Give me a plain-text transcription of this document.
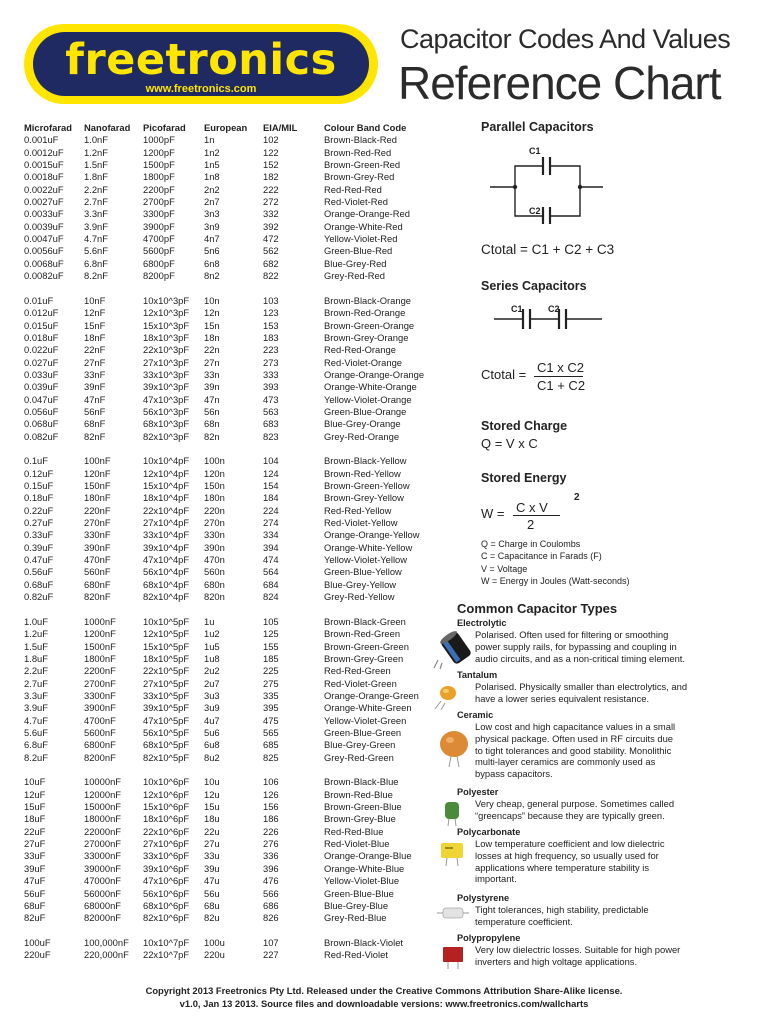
freetronics
www.freetronics.com
Capacitor Codes And Values
Reference Chart
Microfarad Nanofarad Picofarad European EIA/MIL	Colour Band Code
0.001uF	1.0nF	1000pF	1n	102	Brown-Black-Red
0.0012uF 1.2nF	1200pF	1n2	122	Brown-Red-Red
0.0015uF 1.5nF	1500pF	1n5	152	Brown-Green-Red
0.0018uF 1.8nF	1800pF	1n8	182	Brown-Grey-Red
0.0022uF 2.2nF	2200pF	2n2	222	Red-Red-Red
0.0027uF 2.7nF	2700pF	2n7	272	Red-Violet-Red
0.0033uF 3.3nF	3300pF	3n3	332	Orange-Orange-Red
0.0039uF 3.9nF	3900pF	3n9	392	Orange-White-Red
0.0047uF 4.7nF	4700pF	4n7	472	Yellow-Violet-Red
0.0056uF 5.6nF	5600pF	5n6	562	Green-Blue-Red
0.0068uF 6.8nF	6800pF	6n8	682	Blue-Grey-Red
0.0082uF 8.2nF	8200pF	8n2	822	Grey-Red-Red
0.01uF	10nF	10x10^3pF 10n	103	Brown-Black-Orange
0.012uF	12nF	12x10^3pF 12n	123	Brown-Red-Orange
0.015uF	15nF	15x10^3pF 15n	153	Brown-Green-Orange
0.018uF	18nF	18x10^3pF 18n	183	Brown-Grey-Orange
0.022uF	22nF	22x10^3pF 22n	223	Red-Red-Orange
0.027uF	27nF	27x10^3pF 27n	273	Red-Violet-Orange
0.033uF	33nF	33x10^3pF 33n	333	Orange-Orange-Orange
0.039uF	39nF	39x10^3pF 39n	393	Orange-White-Orange
0.047uF	47nF	47x10^3pF 47n	473	Yellow-Violet-Orange
0.056uF	56nF	56x10^3pF 56n	563	Green-Blue-Orange
0.068uF	68nF	68x10^3pF 68n	683	Blue-Grey-Orange
0.082uF	82nF	82x10^3pF 82n	823	Grey-Red-Orange
0.1uF	100nF	10x10^4pF 100n	104	Brown-Black-Yellow
0.12uF	120nF	12x10^4pF 120n	124	Brown-Red-Yellow
0.15uF	150nF	15x10^4pF 150n	154	Brown-Green-Yellow
0.18uF	180nF	18x10^4pF 180n	184	Brown-Grey-Yellow
0.22uF	220nF	22x10^4pF 220n	224	Red-Red-Yellow
0.27uF	270nF	27x10^4pF 270n	274	Red-Violet-Yellow
0.33uF	330nF	33x10^4pF 330n	334	Orange-Orange-Yellow
0.39uF	390nF	39x10^4pF 390n	394	Orange-White-Yellow
0.47uF	470nF	47x10^4pF 470n	474	Yellow-Violet-Yellow
0.56uF	560nF	56x10^4pF 560n	564	Green-Blue-Yellow
0.68uF	680nF	68x10^4pF 680n	684	Blue-Grey-Yellow
0.82uF	820nF	82x10^4pF 820n	824	Grey-Red-Yellow
1.0uF	1000nF	10x10^5pF 1u	105	Brown-Black-Green
1.2uF	1200nF	12x10^5pF 1u2	125	Brown-Red-Green
1.5uF	1500nF	15x10^5pF 1u5	155	Brown-Green-Green
1.8uF	1800nF	18x10^5pF 1u8	185	Brown-Grey-Green
2.2uF	2200nF	22x10^5pF 2u2	225	Red-Red-Green
2.7uF	2700nF	27x10^5pF 2u7	275	Red-Violet-Green
3.3uF	3300nF	33x10^5pF 3u3	335	Orange-Orange-Green
3.9uF	3900nF	39x10^5pF 3u9	395	Orange-White-Green
4.7uF	4700nF	47x10^5pF 4u7	475	Yellow-Violet-Green
5.6uF	5600nF	56x10^5pF 5u6	565	Green-Blue-Green
6.8uF	6800nF	68x10^5pF 6u8	685	Blue-Grey-Green
8.2uF	8200nF	82x10^5pF 8u2	825	Grey-Red-Green
10uF	10000nF 10x10^6pF 10u	106	Brown-Black-Blue
12uF	12000nF 12x10^6pF 12u	126	Brown-Red-Blue
15uF	15000nF 15x10^6pF 15u	156	Brown-Green-Blue
18uF	18000nF 18x10^6pF 18u	186	Brown-Grey-Blue
22uF	22000nF 22x10^6pF 22u	226	Red-Red-Blue
27uF	27000nF 27x10^6pF 27u	276	Red-Violet-Blue
33uF	33000nF 33x10^6pF 33u	336	Orange-Orange-Blue
39uF	39000nF 39x10^6pF 39u	396	Orange-White-Blue
47uF	47000nF 47x10^6pF 47u	476	Yellow-Violet-Blue
56uF	56000nF 56x10^6pF 56u	566	Green-Blue-Blue
68uF	68000nF 68x10^6pF 68u	686	Blue-Grey-Blue
82uF	82000nF 82x10^6pF 82u	826	Grey-Red-Blue
100uF	100,000nF 10x10^7pF 100u	107	Brown-Black-Violet
220uF	220,000nF 22x10^7pF 220u	227	Red-Red-Violet
Parallel Capacitors
C1
C2
Ctotal = C1 + C2 + C3
Series Capacitors
C1	C2
Ctotal = C1 x C2
C1 + C2
Stored Charge
Q = V x C
Stored Energy
W = C x V
2
2
Q = Charge in Coulombs
C = Capacitance in Farads (F)
V = Voltage
W = Energy in Joules (Watt-seconds)
Common Capacitor Types
Electrolytic
Polarised. Often used for filtering or smoothing
power supply rails, for bypassing and coupling in
audio circuits, and as a non-critical timing element.
Tantalum
Polarised. Physically smaller than electrolytics, and
have a lower series equivalent resistance.
Ceramic
Low cost and high capacitance values in a small
physical package. Often used in RF circuits due
to tight tolerances and good stability. Monolithic
multi-layer ceramics are commonly used as
bypass capacitors.
Polyester
Very cheap, general purpose. Sometimes called
“greencaps” because they are typically green.
Polycarbonate
Low temperature coefficient and low dielectric
losses at high frequency, so usually used for
applications where temperature stability is
important.
Polystyrene
Tight tolerances, high stability, predictable
temperature coefficient.
Polypropylene
Very low dielectric losses. Suitable for high power
inverters and high voltage applications.
Copyright 2013 Freetronics Pty Ltd. Released under the Creative Commons Attribution Share-Alike license.
v1.0, Jan 13 2013. Source files and downloadable versions: www.freetronics.com/wallcharts
